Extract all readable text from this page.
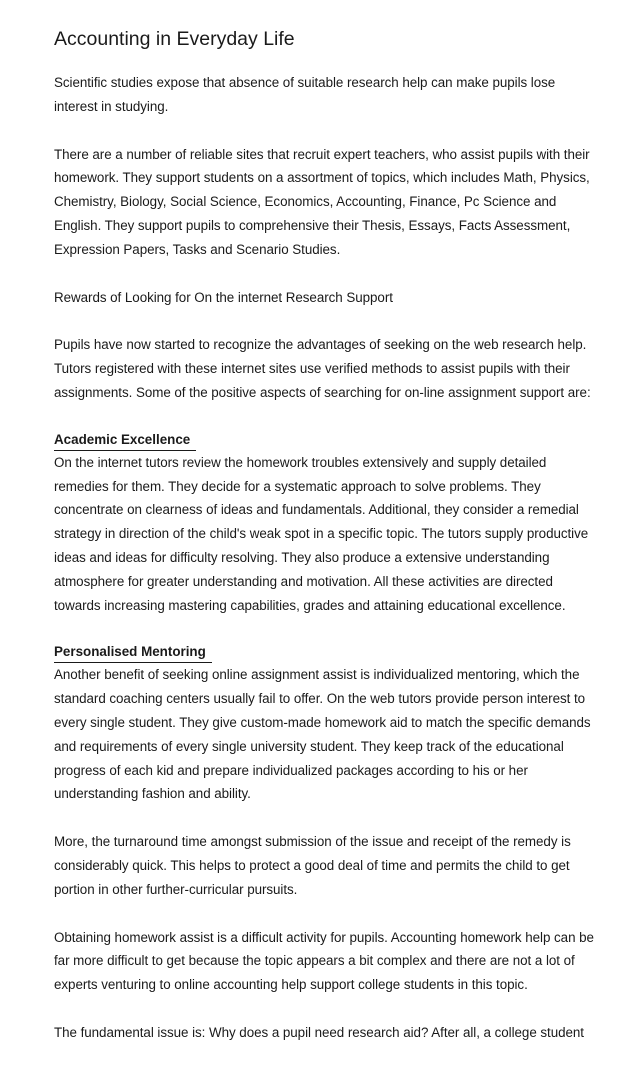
Accounting in Everyday Life

Scientific studies expose that absence of suitable research help can make pupils lose interest in studying.

There are a number of reliable sites that recruit expert teachers, who assist pupils with their homework. They support students on a assortment of topics, which includes Math, Physics, Chemistry, Biology, Social Science, Economics, Accounting, Finance, Pc Science and English. They support pupils to comprehensive their Thesis, Essays, Facts Assessment, Expression Papers, Tasks and Scenario Studies.

Rewards of Looking for On the internet Research Support

Pupils have now started to recognize the advantages of seeking on the web research help. Tutors registered with these internet sites use verified methods to assist pupils with their assignments. Some of the positive aspects of searching for on-line assignment support are:

Academic Excellence

On the internet tutors review the homework troubles extensively and supply detailed remedies for them. They decide for a systematic approach to solve problems. They concentrate on clearness of ideas and fundamentals. Additional, they consider a remedial strategy in direction of the child's weak spot in a specific topic. The tutors supply productive ideas and ideas for difficulty resolving. They also produce a extensive understanding atmosphere for greater understanding and motivation. All these activities are directed towards increasing mastering capabilities, grades and attaining educational excellence.

Personalised Mentoring

Another benefit of seeking online assignment assist is individualized mentoring, which the standard coaching centers usually fail to offer. On the web tutors provide person interest to every single student. They give custom-made homework aid to match the specific demands and requirements of every single university student. They keep track of the educational progress of each kid and prepare individualized packages according to his or her understanding fashion and ability.

More, the turnaround time amongst submission of the issue and receipt of the remedy is considerably quick. This helps to protect a good deal of time and permits the child to get portion in other further-curricular pursuits.

Obtaining homework assist is a difficult activity for pupils. Accounting homework help can be far more difficult to get because the topic appears a bit complex and there are not a lot of experts venturing to online accounting help support college students in this topic.

The fundamental issue is: Why does a pupil need research aid? After all, a college student
